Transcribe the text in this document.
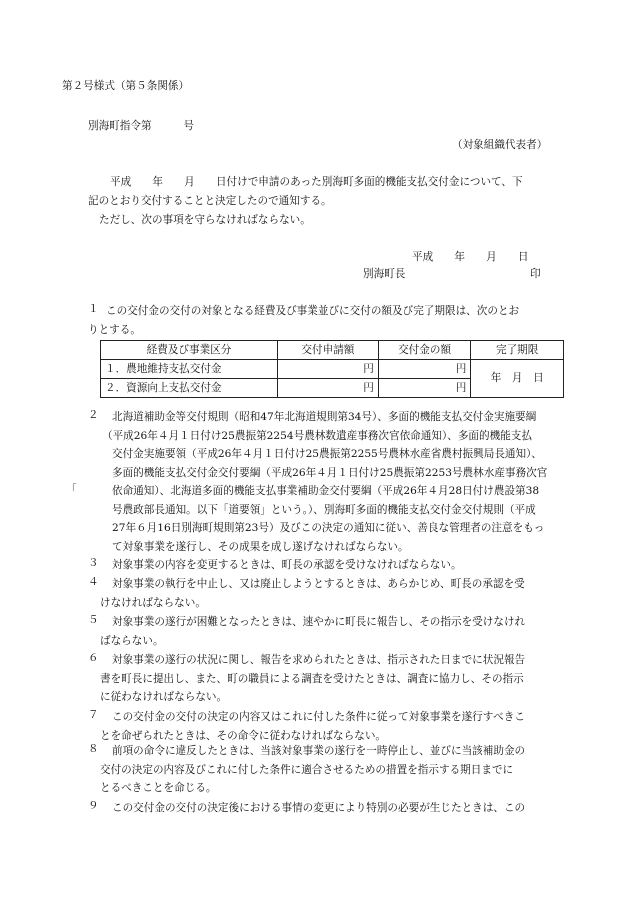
第２号様式（第５条関係）
別海町指令第　　　号
（対象組織代表者）
平成　　年　　月　　日付けで申請のあった別海町多面的機能支払交付金について、下
記のとおり交付することと決定したので通知する。
ただし、次の事項を守らなければならない。
平成　　年　　月　　日
別海町長	印
１ この交付金の交付の対象となる経費及び事業並びに交付の額及び完了期限は、次のとお
りとする。
経費及び事業区分	交付申請額	交付金の額	完了期限
１．農地維持支払交付金	円	円	年　月　日
２．資源向上支払交付金	円	円	
「
２	北海道補助金等交付規則（昭和47年北海道規則第34号）、多面的機能支払交付金実施要綱
（平成26年４月１日付け25農振第2254号農林数遺産事務次官依命通知）、多面的機能支払
交付金実施要領（平成26年４月１日付け25農振第2255号農林水産省農村振興局長通知）、
多面的機能支払交付金交付要綱（平成26年４月１日付け25農振第2253号農林水産事務次官
依命通知）、北海道多面的機能支払事業補助金交付要綱（平成26年４月28日付け農設第38
号農政部長通知。以下「道要領」という。）、別海町多面的機能支払交付金交付規則（平成
27年６月16日別海町規則第23号）及びこの決定の通知に従い、善良な管理者の注意をもっ
て対象事業を遂行し、その成果を成し遂げなければならない。
３	対象事業の内容を変更するときは、町長の承認を受けなければならない。
４	対象事業の執行を中止し、又は廃止しようとするときは、あらかじめ、町長の承認を受
けなければならない。
５	対象事業の遂行が困難となったときは、速やかに町長に報告し、その指示を受けなけれ
ばならない。
６	対象事業の遂行の状況に関し、報告を求められたときは、指示された日までに状況報告
書を町長に提出し、また、町の職員による調査を受けたときは、調査に協力し、その指示
に従わなければならない。
７	この交付金の交付の決定の内容又はこれに付した条件に従って対象事業を遂行すべきこ
とを命ぜられたときは、その命令に従わなければならない。
８	前項の命令に違反したときは、当該対象事業の遂行を一時停止し、並びに当該補助金の
交付の決定の内容及びこれに付した条件に適合させるための措置を指示する期日までに
とるべきことを命じる。
９	この交付金の交付の決定後における事情の変更により特別の必要が生じたときは、この
